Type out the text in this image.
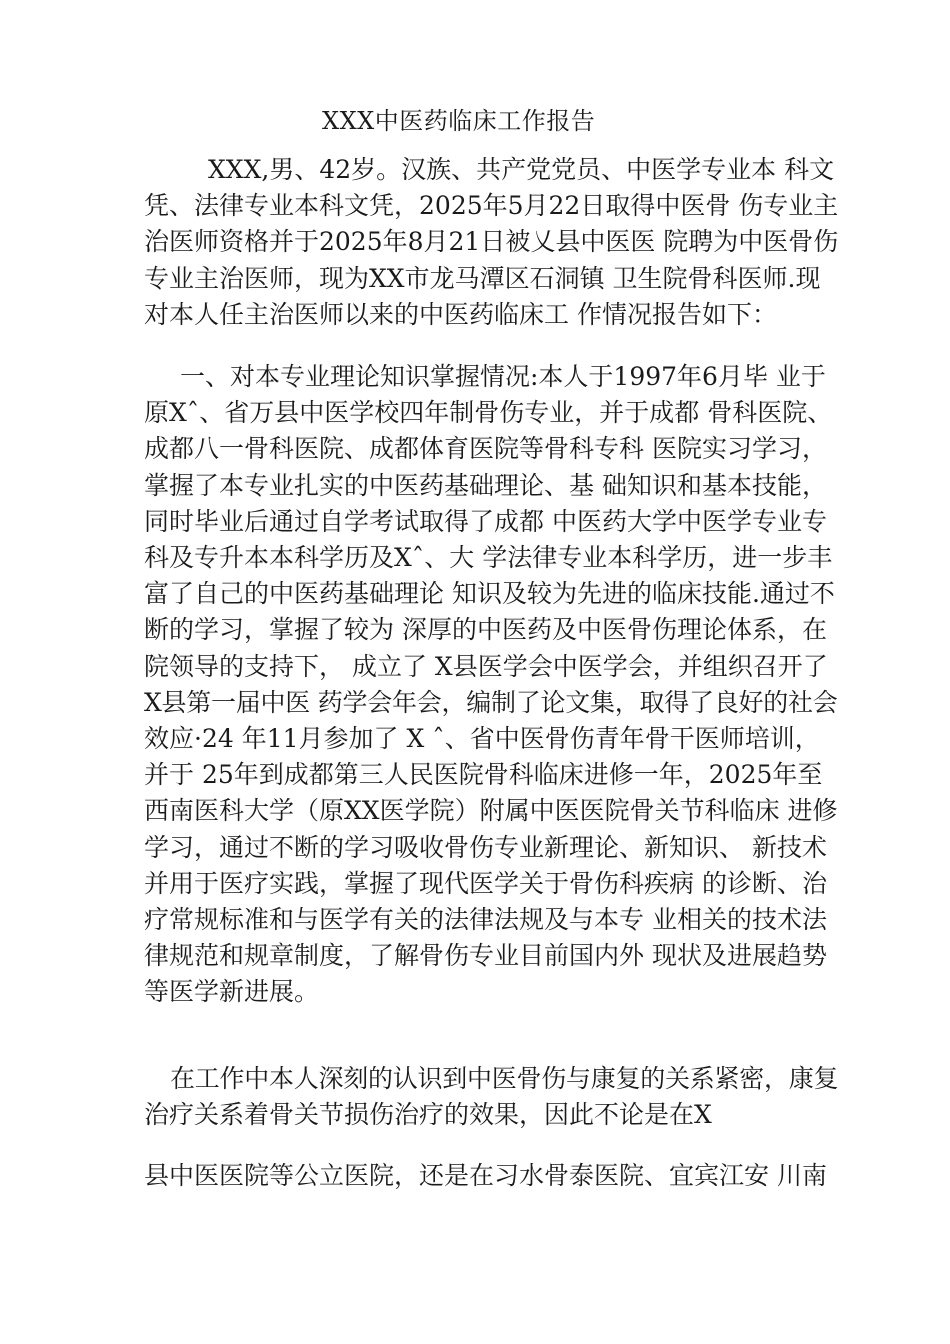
XXX中医药临床工作报告
XXX,男、42岁。汉族、共产党党员、中医学专业本 科文
凭、法律专业本科文凭，2025年5月22日取得中医骨 伤专业主
治医师资格并于2025年8月21日被乂县中医医 院聘为中医骨伤
专业主治医师，现为XX市龙马潭区石洞镇 卫生院骨科医师.现
对本人任主治医师以来的中医药临床工 作情况报告如下：
一、对本专业理论知识掌握情况:本人于1997年6月毕 业于
原Xˆ、省万县中医学校四年制骨伤专业，并于成都 骨科医院、
成都八一骨科医院、成都体育医院等骨科专科 医院实习学习，
掌握了本专业扎实的中医药基础理论、基 础知识和基本技能，
同时毕业后通过自学考试取得了成都 中医药大学中医学专业专
科及专升本本科学历及Xˆ、大 学法律专业本科学历，进一步丰
富了自己的中医药基础理论 知识及较为先进的临床技能.通过不
断的学习，掌握了较为 深厚的中医药及中医骨伤理论体系，在
院领导的支持下， 成立了 X县医学会中医学会，并组织召开了
X县第一届中医 药学会年会，编制了论文集，取得了良好的社会
效应·24 年11月参加了 X ˆ、省中医骨伤青年骨干医师培训，
并于 25年到成都第三人民医院骨科临床进修一年，2025年至
西南医科大学（原XX医学院）附属中医医院骨关节科临床 进修
学习，通过不断的学习吸收骨伤专业新理论、新知识、 新技术
并用于医疗实践，掌握了现代医学关于骨伤科疾病 的诊断、治
疗常规标准和与医学有关的法律法规及与本专 业相关的技术法
律规范和规章制度，了解骨伤专业目前国内外 现状及进展趋势
等医学新进展。
在工作中本人深刻的认识到中医骨伤与康复的关系紧密，康复
治疗关系着骨关节损伤治疗的效果，因此不论是在X
县中医医院等公立医院，还是在习水骨泰医院、宜宾江安 川南
